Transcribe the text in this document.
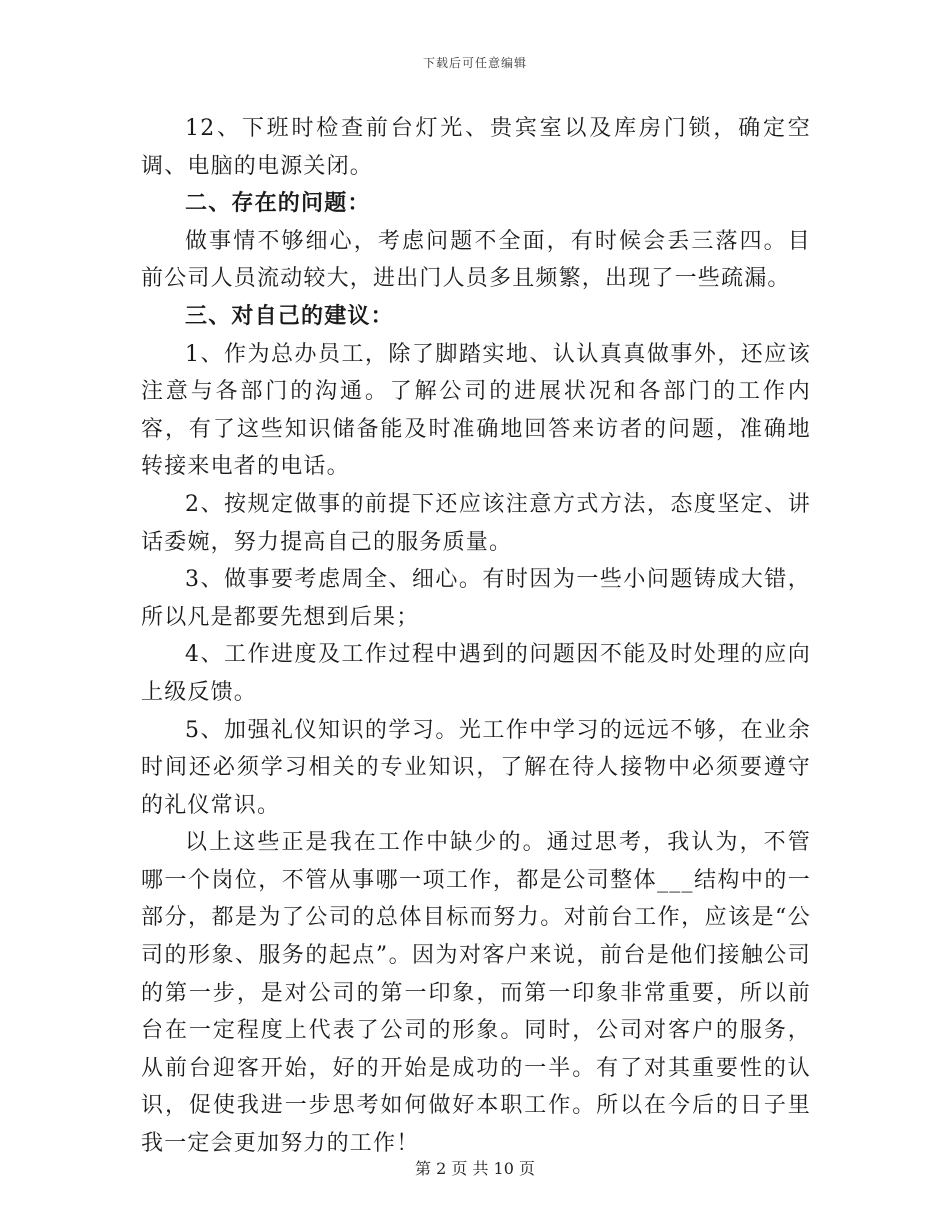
下载后可任意编辑

12、下班时检查前台灯光、贵宾室以及库房门锁，确定空调、电脑的电源关闭。

二、存在的问题：

做事情不够细心，考虑问题不全面，有时候会丢三落四。目前公司人员流动较大，进出门人员多且频繁，出现了一些疏漏。

三、对自己的建议：

1、作为总办员工，除了脚踏实地、认认真真做事外，还应该注意与各部门的沟通。了解公司的进展状况和各部门的工作内容，有了这些知识储备能及时准确地回答来访者的问题，准确地转接来电者的电话。

2、按规定做事的前提下还应该注意方式方法，态度坚定、讲话委婉，努力提高自己的服务质量。

3、做事要考虑周全、细心。有时因为一些小问题铸成大错，所以凡是都要先想到后果；

4、工作进度及工作过程中遇到的问题因不能及时处理的应向上级反馈。

5、加强礼仪知识的学习。光工作中学习的远远不够，在业余时间还必须学习相关的专业知识，了解在待人接物中必须要遵守的礼仪常识。

以上这些正是我在工作中缺少的。通过思考，我认为，不管哪一个岗位，不管从事哪一项工作，都是公司整体___结构中的一部分，都是为了公司的总体目标而努力。对前台工作，应该是“公司的形象、服务的起点”。因为对客户来说，前台是他们接触公司的第一步，是对公司的第一印象，而第一印象非常重要，所以前台在一定程度上代表了公司的形象。同时，公司对客户的服务，从前台迎客开始，好的开始是成功的一半。有了对其重要性的认识，促使我进一步思考如何做好本职工作。所以在今后的日子里我一定会更加努力的工作！

第 2 页 共 10 页
